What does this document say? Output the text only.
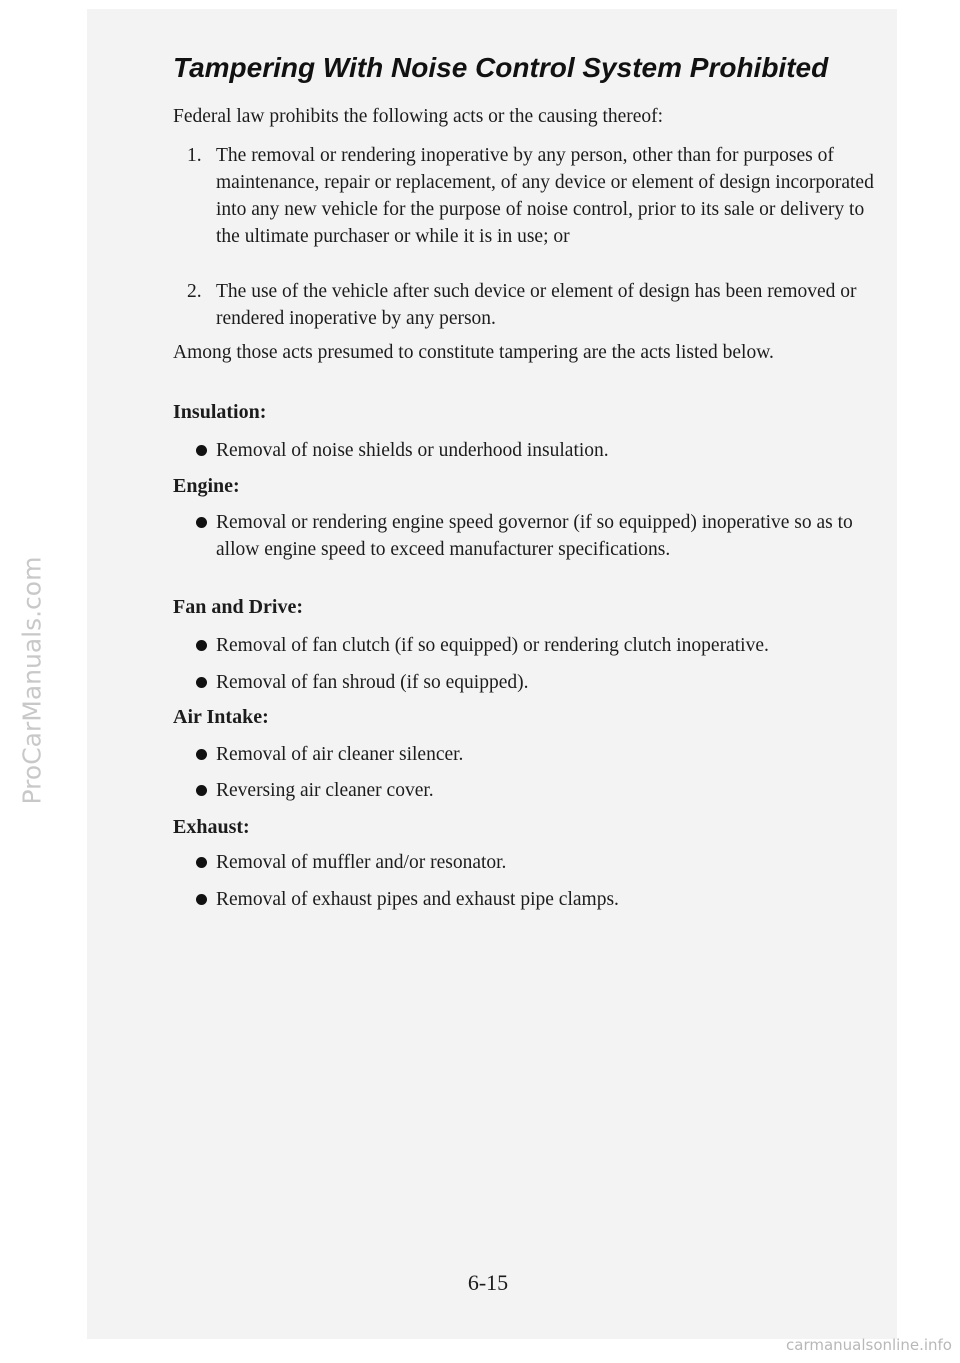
ProCarManuals.com
Tampering With Noise Control System Prohibited

Federal law prohibits the following acts or the causing thereof:

1. The removal or rendering inoperative by any person, other than for purposes of maintenance, repair or replacement, of any device or element of design incorporated into any new vehicle for the purpose of noise control, prior to its sale or delivery to the ultimate purchaser or while it is in use; or
2. The use of the vehicle after such device or element of design has been removed or rendered inoperative by any person.

Among those acts presumed to constitute tampering are the acts listed below.

Insulation:
Removal of noise shields or underhood insulation.
Engine:
Removal or rendering engine speed governor (if so equipped) inoperative so as to allow engine speed to exceed manufacturer specifications.
Fan and Drive:
Removal of fan clutch (if so equipped) or rendering clutch inoperative.
Removal of fan shroud (if so equipped).
Air Intake:
Removal of air cleaner silencer.
Reversing air cleaner cover.
Exhaust:
Removal of muffler and/or resonator.
Removal of exhaust pipes and exhaust pipe clamps.
6-15
carmanualsonline.info
